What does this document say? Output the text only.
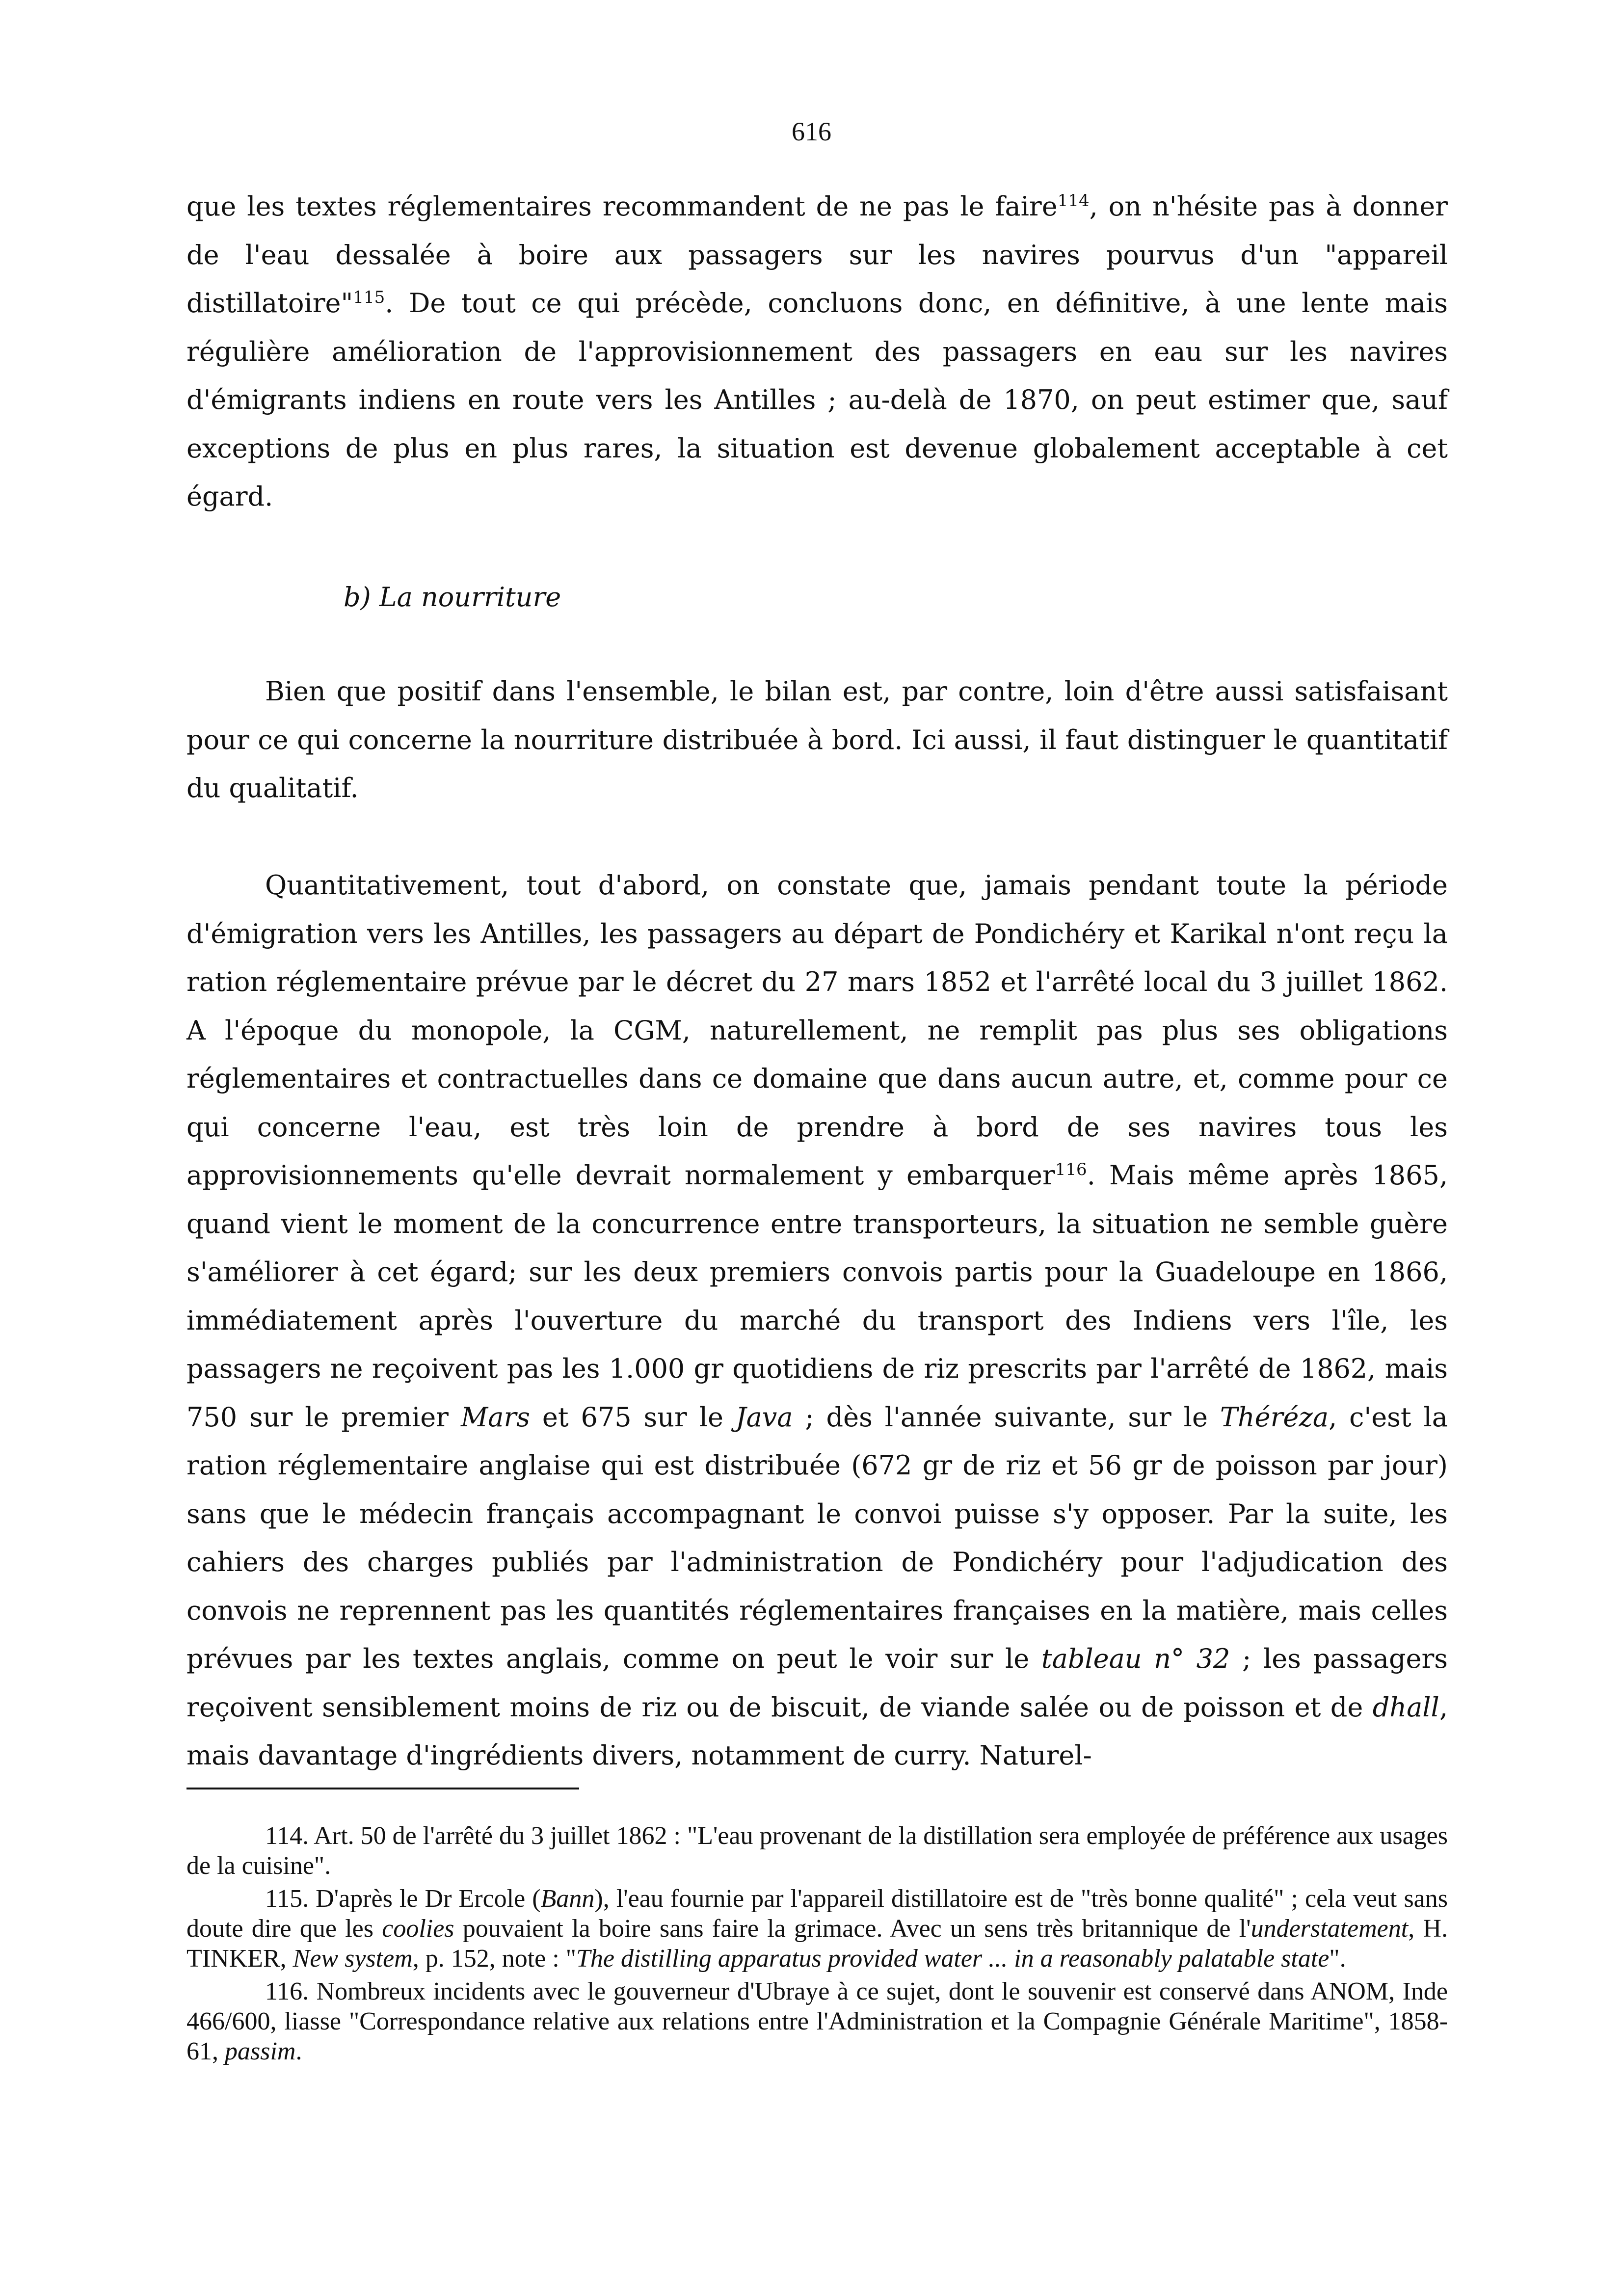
616

que les textes réglementaires recommandent de ne pas le faire$^{114}$, on n'hésite pas à donner de l'eau dessalée à boire aux passagers sur les navires pourvus d'un "appareil distillatoire"$^{115}$. De tout ce qui précède, concluons donc, en définitive, à une lente mais régulière amélioration de l'approvisionnement des passagers en eau sur les navires d'émigrants indiens en route vers les Antilles ; au-delà de 1870, on peut estimer que, sauf exceptions de plus en plus rares, la situation est devenue globalement acceptable à cet égard.

b) La nourriture

Bien que positif dans l'ensemble, le bilan est, par contre, loin d'être aussi satisfaisant pour ce qui concerne la nourriture distribuée à bord. Ici aussi, il faut distinguer le quantitatif du qualitatif.

Quantitativement, tout d'abord, on constate que, jamais pendant toute la période d'émigration vers les Antilles, les passagers au départ de Pondichéry et Karikal n'ont reçu la ration réglementaire prévue par le décret du 27 mars 1852 et l'arrêté local du 3 juillet 1862. A l'époque du monopole, la CGM, naturellement, ne remplit pas plus ses obligations réglementaires et contractuelles dans ce domaine que dans aucun autre, et, comme pour ce qui concerne l'eau, est très loin de prendre à bord de ses navires tous les approvisionnements qu'elle devrait normalement y embarquer$^{116}$. Mais même après 1865, quand vient le moment de la concurrence entre transporteurs, la situation ne semble guère s'améliorer à cet égard; sur les deux premiers convois partis pour la Guadeloupe en 1866, immédiatement après l'ouverture du marché du transport des Indiens vers l'île, les passagers ne reçoivent pas les 1.000 gr quotidiens de riz prescrits par l'arrêté de 1862, mais 750 sur le premier Mars et 675 sur le Java ; dès l'année suivante, sur le Théréza, c'est la ration réglementaire anglaise qui est distribuée (672 gr de riz et 56 gr de poisson par jour) sans que le médecin français accompagnant le convoi puisse s'y opposer. Par la suite, les cahiers des charges publiés par l'administration de Pondichéry pour l'adjudication des convois ne reprennent pas les quantités réglementaires françaises en la matière, mais celles prévues par les textes anglais, comme on peut le voir sur le tableau n° 32 ; les passagers reçoivent sensiblement moins de riz ou de biscuit, de viande salée ou de poisson et de dhall, mais davantage d'ingrédients divers, notamment de curry. Naturel-

114. Art. 50 de l'arrêté du 3 juillet 1862 : "L'eau provenant de la distillation sera employée de préférence aux usages de la cuisine".

115. D'après le Dr Ercole (Bann), l'eau fournie par l'appareil distillatoire est de "très bonne qualité" ; cela veut sans doute dire que les coolies pouvaient la boire sans faire la grimace. Avec un sens très britannique de l'understatement, H. TINKER, New system, p. 152, note : "The distilling apparatus provided water ... in a reasonably palatable state".

116. Nombreux incidents avec le gouverneur d'Ubraye à ce sujet, dont le souvenir est conservé dans ANOM, Inde 466/600, liasse "Correspondance relative aux relations entre l'Administration et la Compagnie Générale Maritime", 1858-61, passim.
